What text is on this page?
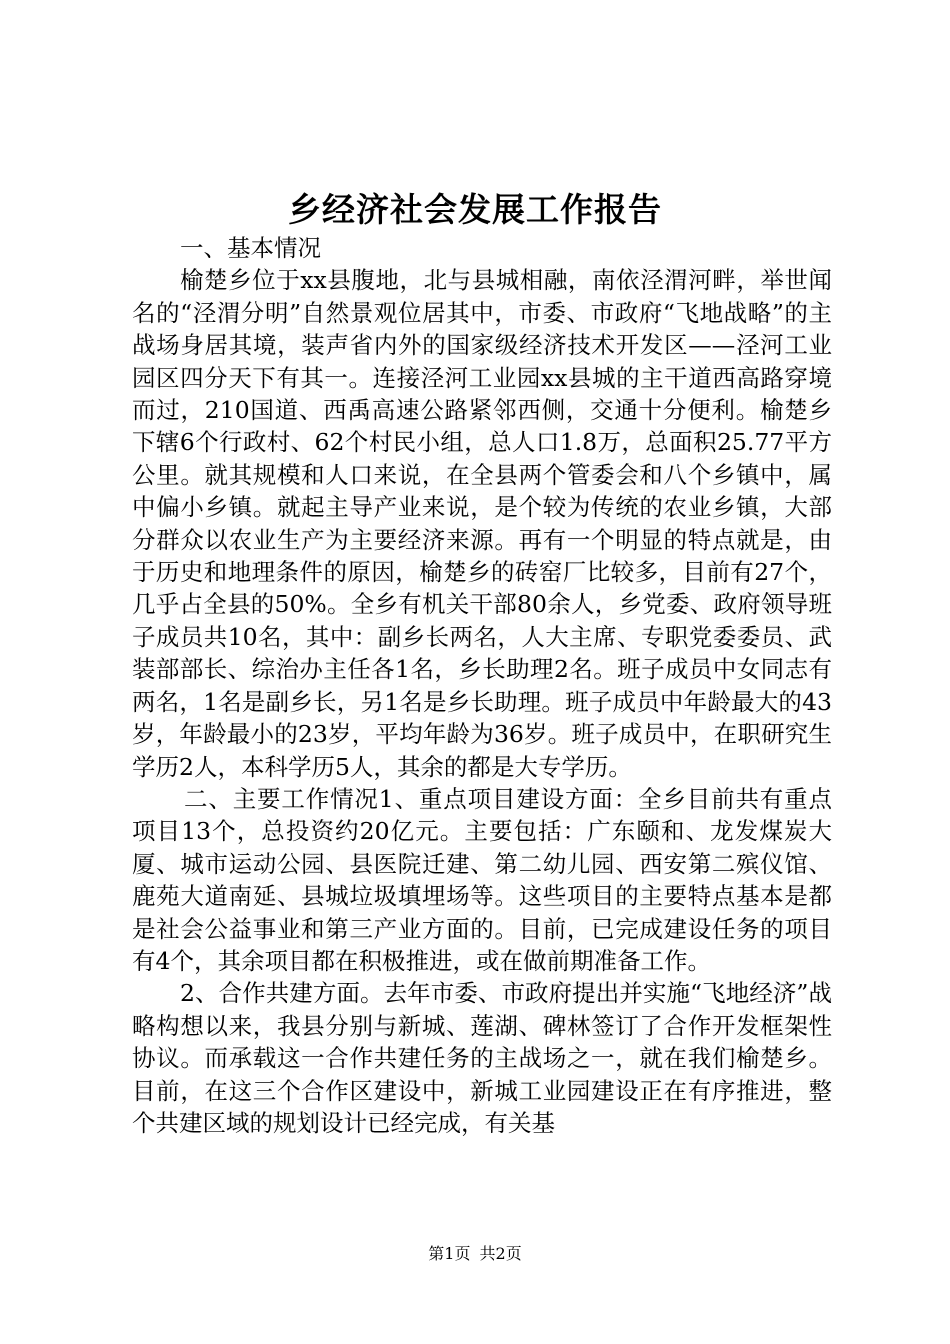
乡经济社会发展工作报告

一、基本情况

榆楚乡位于xx县腹地，北与县城相融，南依泾渭河畔，举世闻名的“泾渭分明”自然景观位居其中，市委、市政府“飞地战略”的主战场身居其境，装声省内外的国家级经济技术开发区——泾河工业园区四分天下有其一。连接泾河工业园xx县城的主干道西高路穿境而过，210国道、西禹高速公路紧邻西侧，交通十分便利。榆楚乡下辖6个行政村、62个村民小组，总人口1.8万，总面积25.77平方公里。就其规模和人口来说，在全县两个管委会和八个乡镇中，属中偏小乡镇。就起主导产业来说，是个较为传统的农业乡镇，大部分群众以农业生产为主要经济来源。再有一个明显的特点就是，由于历史和地理条件的原因，榆楚乡的砖窑厂比较多，目前有27个，几乎占全县的50%。全乡有机关干部80余人，乡党委、政府领导班子成员共10名，其中：副乡长两名，人大主席、专职党委委员、武装部部长、综治办主任各1名，乡长助理2名。班子成员中女同志有两名，1名是副乡长，另1名是乡长助理。班子成员中年龄最大的43岁，年龄最小的23岁，平均年龄为36岁。班子成员中，在职研究生学历2人，本科学历5人，其余的都是大专学历。

二、主要工作情况1、重点项目建设方面：全乡目前共有重点项目13个，总投资约20亿元。主要包括：广东颐和、龙发煤炭大厦、城市运动公园、县医院迁建、第二幼儿园、西安第二殡仪馆、鹿苑大道南延、县城垃圾填埋场等。这些项目的主要特点基本是都是社会公益事业和第三产业方面的。目前，已完成建设任务的项目有4个，其余项目都在积极推进，或在做前期准备工作。

2、合作共建方面。去年市委、市政府提出并实施“飞地经济”战略构想以来，我县分别与新城、莲湖、碑林签订了合作开发框架性协议。而承载这一合作共建任务的主战场之一，就在我们榆楚乡。目前，在这三个合作区建设中，新城工业园建设正在有序推进，整个共建区域的规划设计已经完成，有关基

第1页 共2页
